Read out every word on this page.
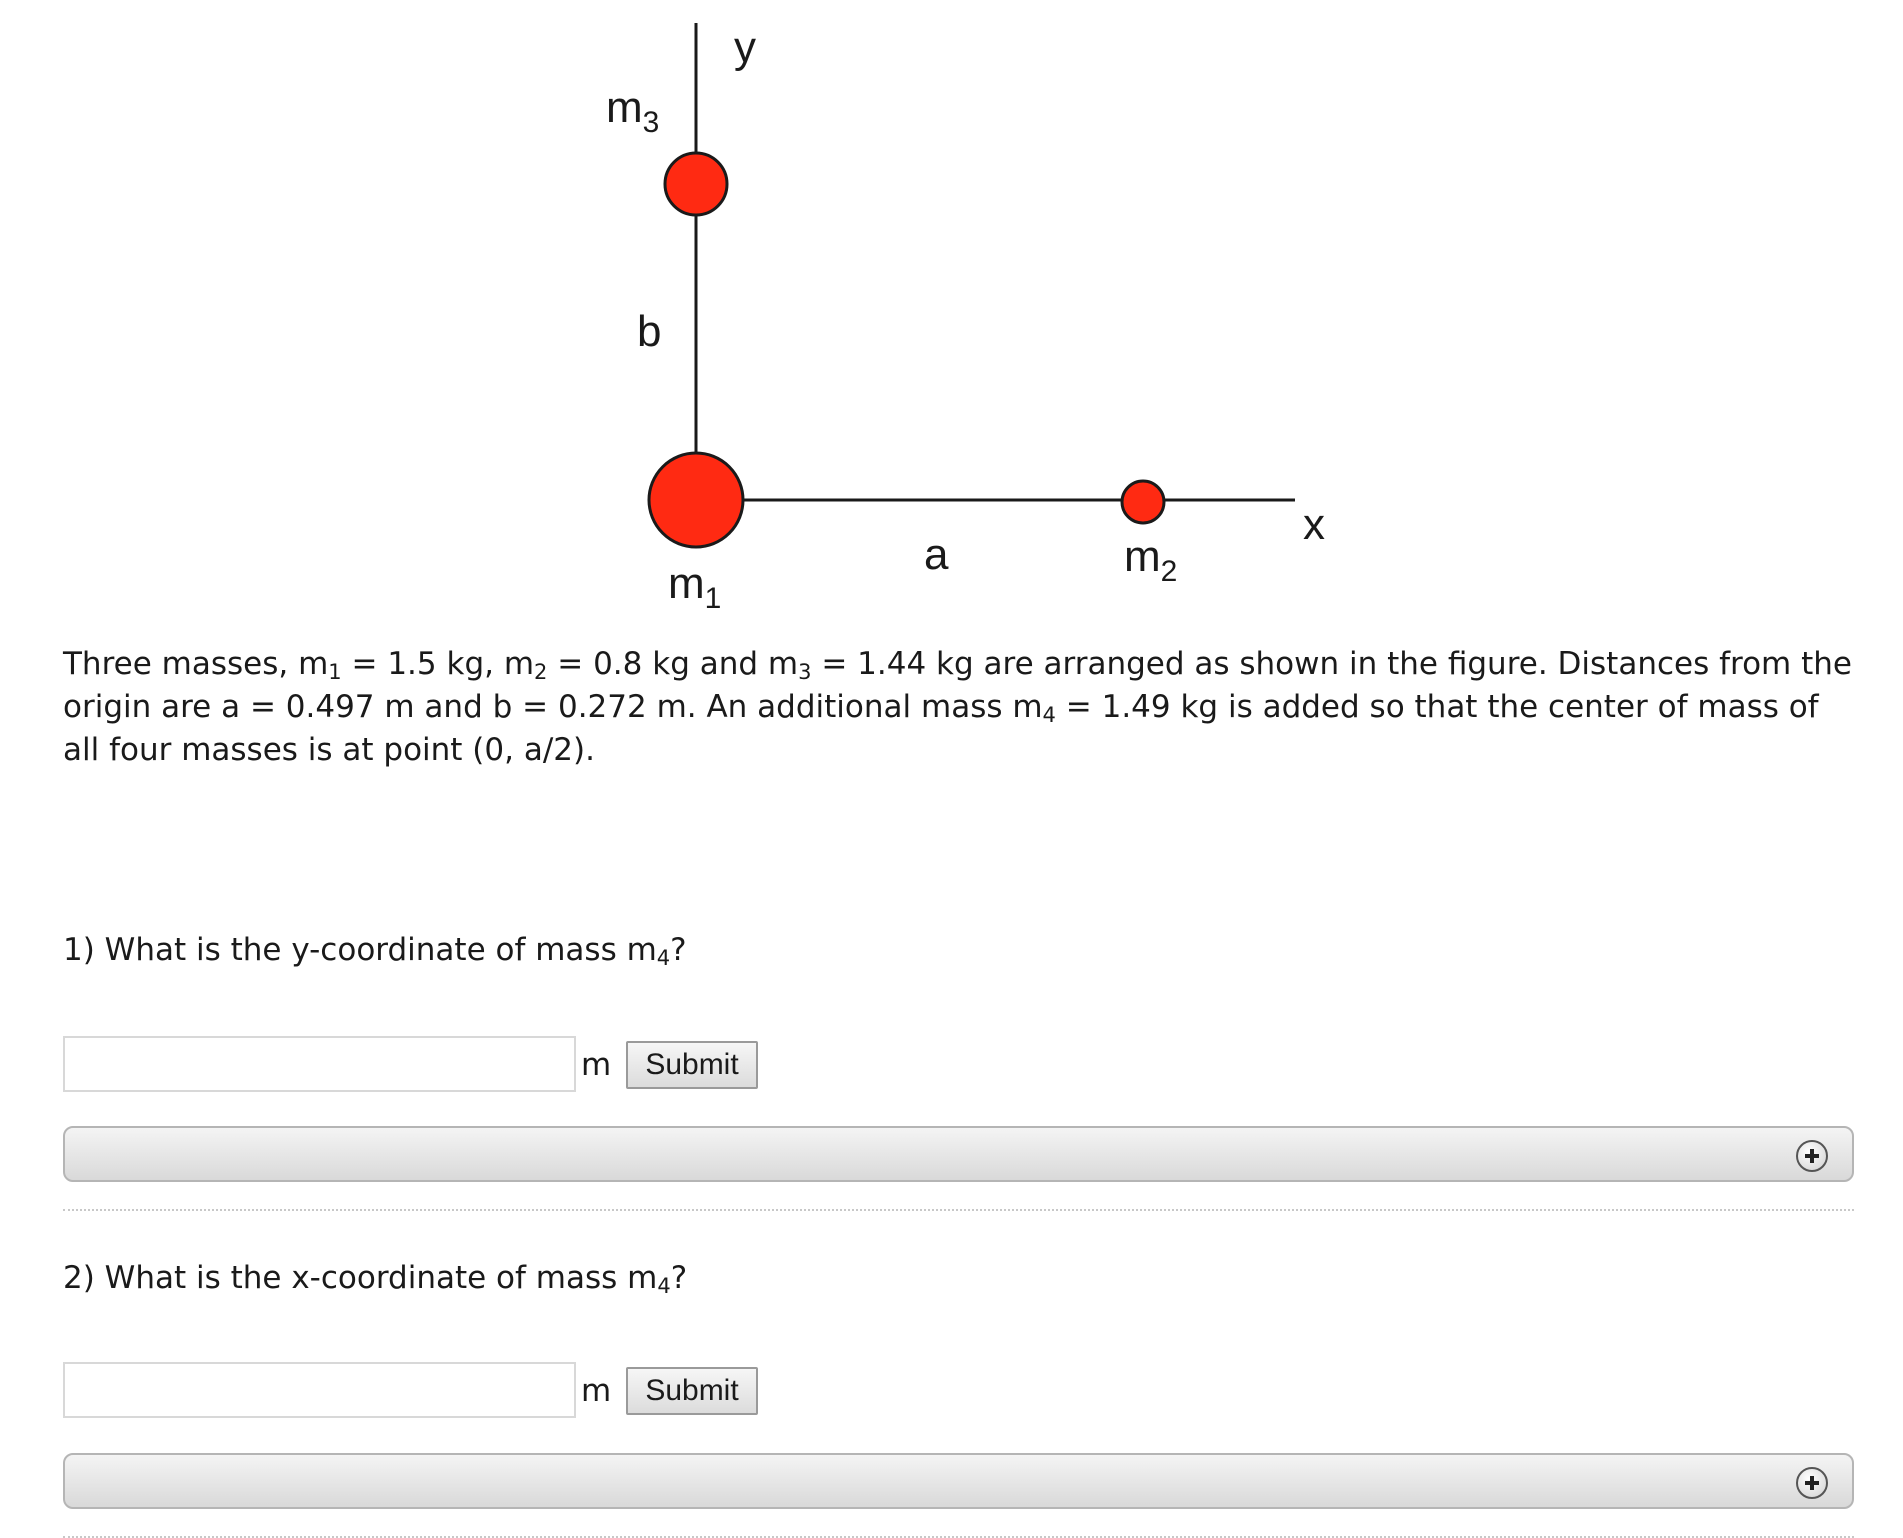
y
x
b
a
$m_3$
$m_1$
$m_2$
Three masses, $m_1 = 1.5$ kg, $m_2 = 0.8$ kg and $m_3 = 1.44$ kg are arranged as shown in the figure. Distances from the origin are a = 0.497 m and b = 0.272 m. An additional mass $m_4 = 1.49$ kg is added so that the center of mass of all four masses is at point (0, a/2).
1) What is the y-coordinate of mass $m_4$?
m	Submit
2) What is the x-coordinate of mass $m_4$?
m	Submit
